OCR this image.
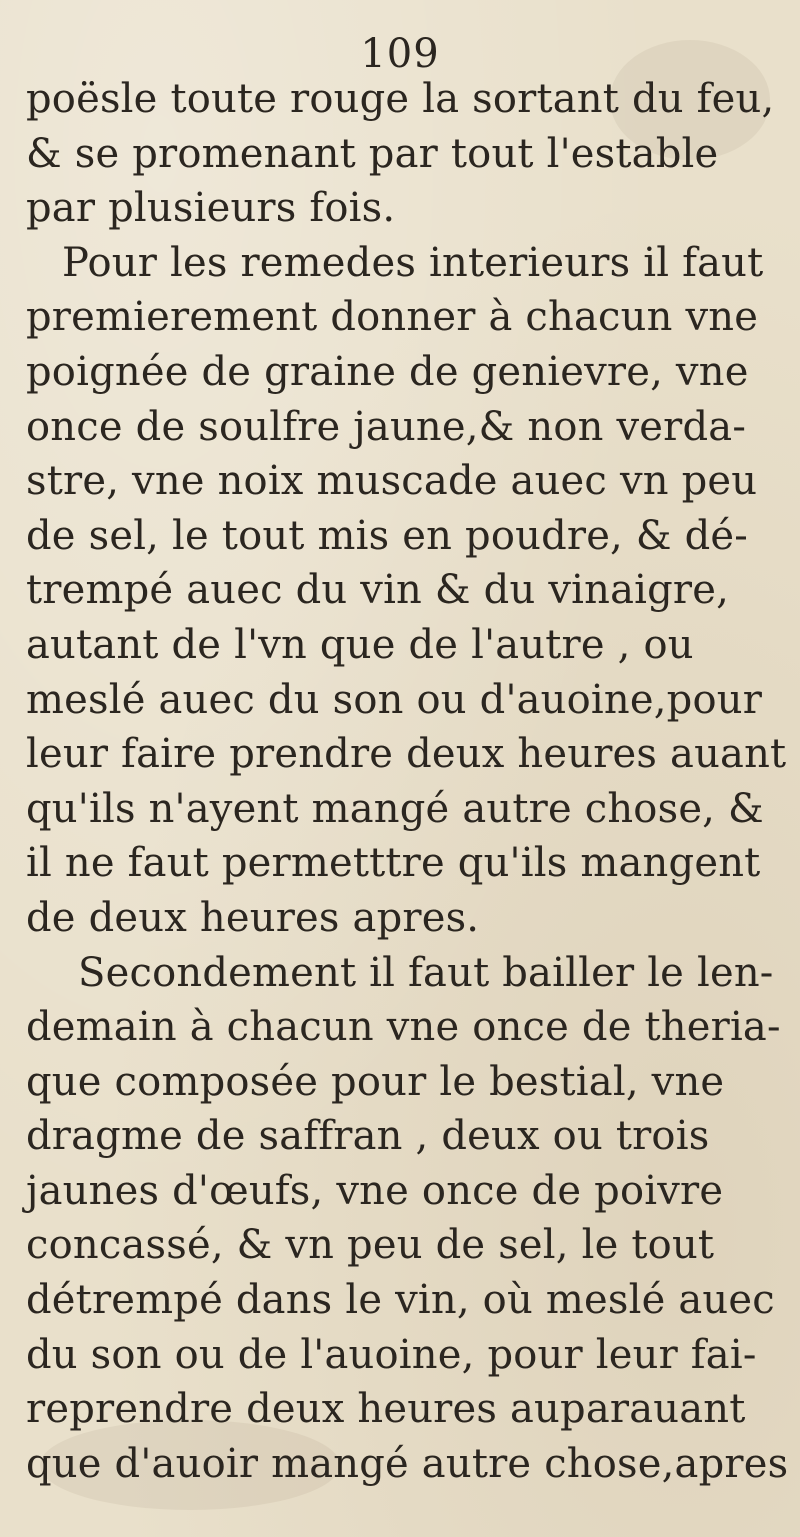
109
poësle toute rouge la sortant du feu,
& se promenant par tout l'estable
par plusieurs fois.
Pour les remedes interieurs il faut
premierement donner à chacun vne
poignée de graine de genievre, vne
once de soulfre jaune,& non verda-
stre, vne noix muscade auec vn peu
de sel, le tout mis en poudre, & dé-
trempé auec du vin & du vinaigre,
autant de l'vn que de l'autre , ou
meslé auec du son ou d'auoine,pour
leur faire prendre deux heures auant
qu'ils n'ayent mangé autre chose, &
il ne faut permetttre qu'ils mangent
de deux heures apres.
Secondement il faut bailler le len-
demain à chacun vne once de theria-
que composée pour le bestial, vne
dragme de saffran , deux ou trois
jaunes d'œufs, vne once de poivre
concassé, & vn peu de sel, le tout
détrempé dans le vin, où meslé auec
du son ou de l'auoine, pour leur fai-
reprendre deux heures auparauant
que d'auoir mangé autre chose,apres
